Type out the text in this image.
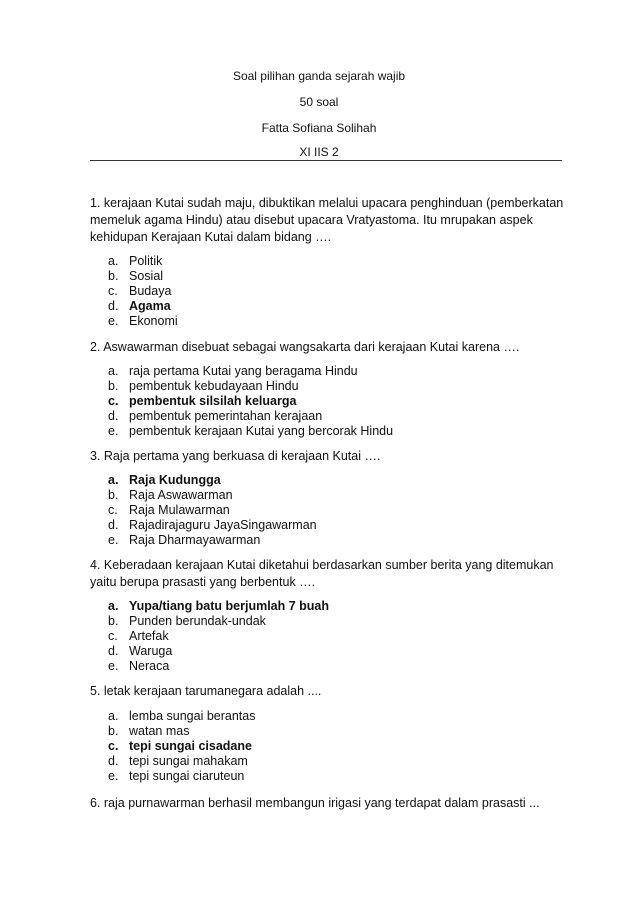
Soal pilihan ganda sejarah wajib
50 soal
Fatta Sofiana Solihah
XI IIS 2

1. kerajaan Kutai sudah maju, dibuktikan melalui upacara penghinduan (pemberkatan memeluk agama Hindu) atau disebut upacara Vratyastoma. Itu mrupakan aspek kehidupan Kerajaan Kutai dalam bidang ….

a. Politik
b. Sosial
c. Budaya
d. Agama
e. Ekonomi

2. Aswawarman disebuat sebagai wangsakarta dari kerajaan Kutai karena ….

a. raja pertama Kutai yang beragama Hindu
b. pembentuk kebudayaan Hindu
c. pembentuk silsilah keluarga
d. pembentuk pemerintahan kerajaan
e. pembentuk kerajaan Kutai yang bercorak Hindu

3. Raja pertama yang berkuasa di kerajaan Kutai ….

a. Raja Kudungga
b. Raja Aswawarman
c. Raja Mulawarman
d. Rajadirajaguru JayaSingawarman
e. Raja Dharmayawarman

4. Keberadaan kerajaan Kutai diketahui berdasarkan sumber berita yang ditemukan yaitu berupa prasasti yang berbentuk ….

a. Yupa/tiang batu berjumlah 7 buah
b. Punden berundak-undak
c. Artefak
d. Waruga
e. Neraca

5. letak kerajaan tarumanegara adalah ....

a. lemba sungai berantas
b. watan mas
c. tepi sungai cisadane
d. tepi sungai mahakam
e. tepi sungai ciaruteun

6. raja purnawarman berhasil membangun irigasi yang terdapat dalam prasasti ...
